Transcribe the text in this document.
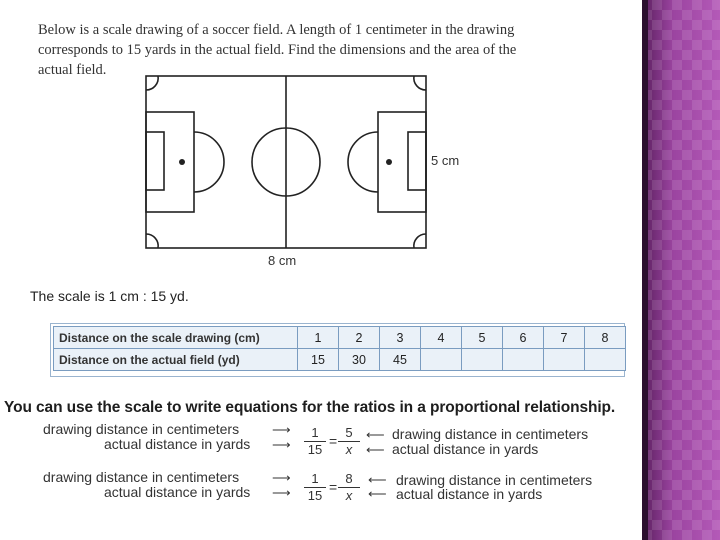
Below is a scale drawing of a soccer field. A length of 1 centimeter in the drawing
corresponds to 15 yards in the actual field. Find the dimensions and the area of the
actual field.
5 cm
8 cm
The scale is 1 cm : 15 yd.
Distance on the scale drawing (cm)	1	2	3	4	5	6	7	8
Distance on the actual field (yd)	15	30	45					
You can use the scale to write equations for the ratios in a proportional relationship.
drawing distance in centimeters
actual distance in yards
⟶
⟶
1
15
=
5
x
⟵
⟵
drawing distance in centimeters
actual distance in yards
drawing distance in centimeters
actual distance in yards
⟶
⟶
1
15
=
8
x
⟵
⟵
drawing distance in centimeters
actual distance in yards
